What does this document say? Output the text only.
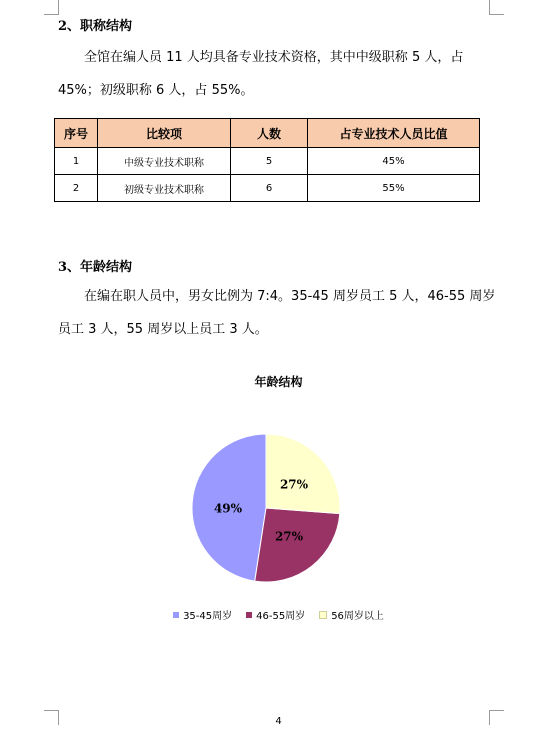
2、职称结构
全馆在编人员 11 人均具备专业技术资格，其中中级职称 5 人，占 45%；初级职称 6 人，占 55%。
序号	比较项	人数	占专业技术人员比值
1	中级专业技术职称	5	45%
2	初级专业技术职称	6	55%
3、年龄结构
在编在职人员中，男女比例为 7:4。35-45 周岁员工 5 人，46-55 周岁员工 3 人，55 周岁以上员工 3 人。
年龄结构
49%
27%
27%
35-45周岁 46-55周岁	56周岁以上
4
